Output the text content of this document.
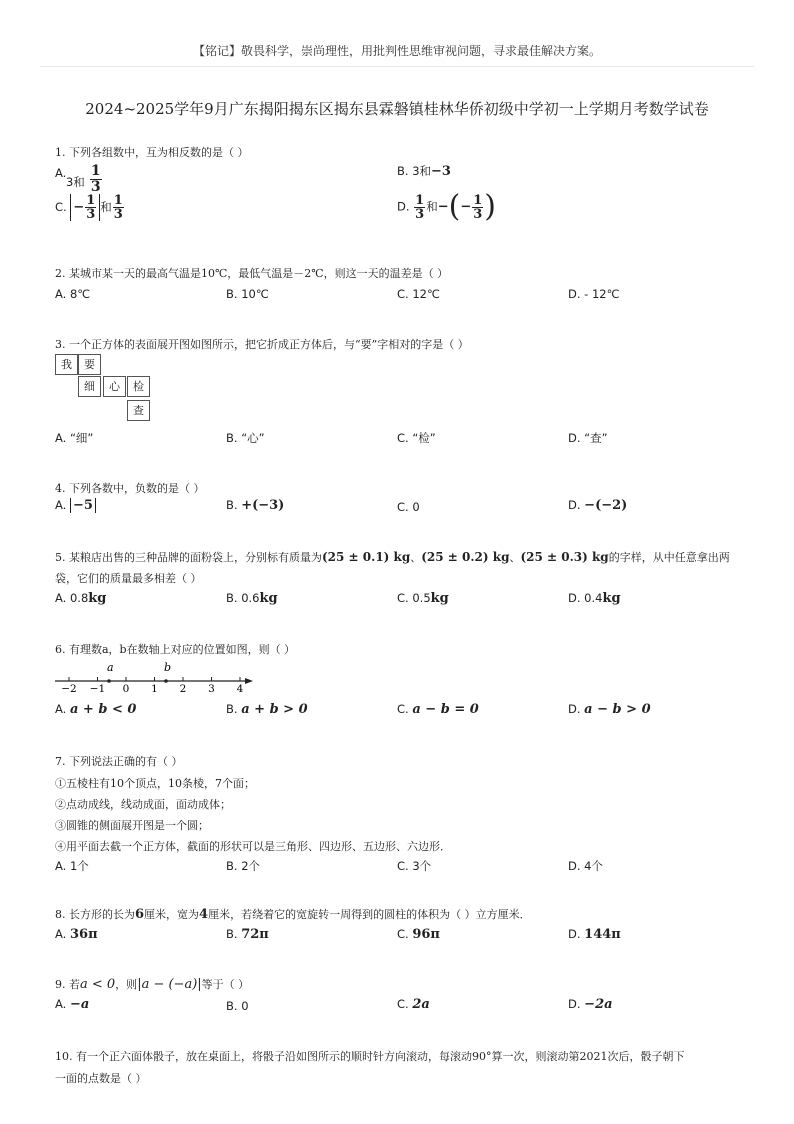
【铭记】敬畏科学，崇尚理性，用批判性思维审视问题，寻求最佳解决方案。
2024~2025学年9月广东揭阳揭东区揭东县霖磐镇桂林华侨初级中学初一上学期月考数学试卷
1. 下列各组数中，互为相反数的是（ ）
A. 3和 $\frac{1}{3}$	B. 3和−3
C. − $\frac{1}{3}$ 和 $\frac{1}{3}$	D. $\frac{1}{3}$ 和−(− $\frac{1}{3}$ )
2. 某城市某一天的最高气温是10℃，最低气温是－2℃，则这一天的温差是（ ）
A. 8℃	B. 10℃	C. 12℃	D. - 12℃
3. 一个正方体的表面展开图如图所示，把它折成正方体后，与“要”字相对的字是（ ）
我	要
细	心	检
查
A. “细”	B. “心”	C. “检”	D. “查”
4. 下列各数中，负数的是（ ）
A. −5	B. +(−3)	C. 0	D. −(−2)
5. 某粮店出售的三种品牌的面粉袋上，分别标有质量为(25 ± 0.1) kg、(25 ± 0.2) kg、(25 ± 0.3) kg的字样，从中任意拿出两
袋，它们的质量最多相差（ ）
A. 0.8kg	B. 0.6kg	C. 0.5kg	D. 0.4kg
6. 有理数a，b在数轴上对应的位置如图，则（ ）
−2 −1 0 1 2 3 4
a	b
A. a + b < 0	B. a + b > 0	C. a − b = 0	D. a − b > 0
7. 下列说法正确的有（ ）
①五棱柱有10个顶点，10条棱，7个面；
②点动成线，线动成面，面动成体；
③圆锥的侧面展开图是一个圆；
④用平面去截一个正方体，截面的形状可以是三角形、四边形、五边形、六边形．
A. 1个	B. 2个	C. 3个	D. 4个
8. 长方形的长为6厘米，宽为4厘米，若绕着它的宽旋转一周得到的圆柱的体积为（ ）立方厘米．
A. 36π	B. 72π	C. 96π	D. 144π
9. 若a < 0，则|a − (−a)|等于（ ）
A. −a	B. 0	C. 2a	D. −2a
10. 有一个正六面体骰子，放在桌面上，将骰子沿如图所示的顺时针方向滚动，每滚动90°算一次，则滚动第2021次后，骰子朝下
一面的点数是（ ）
